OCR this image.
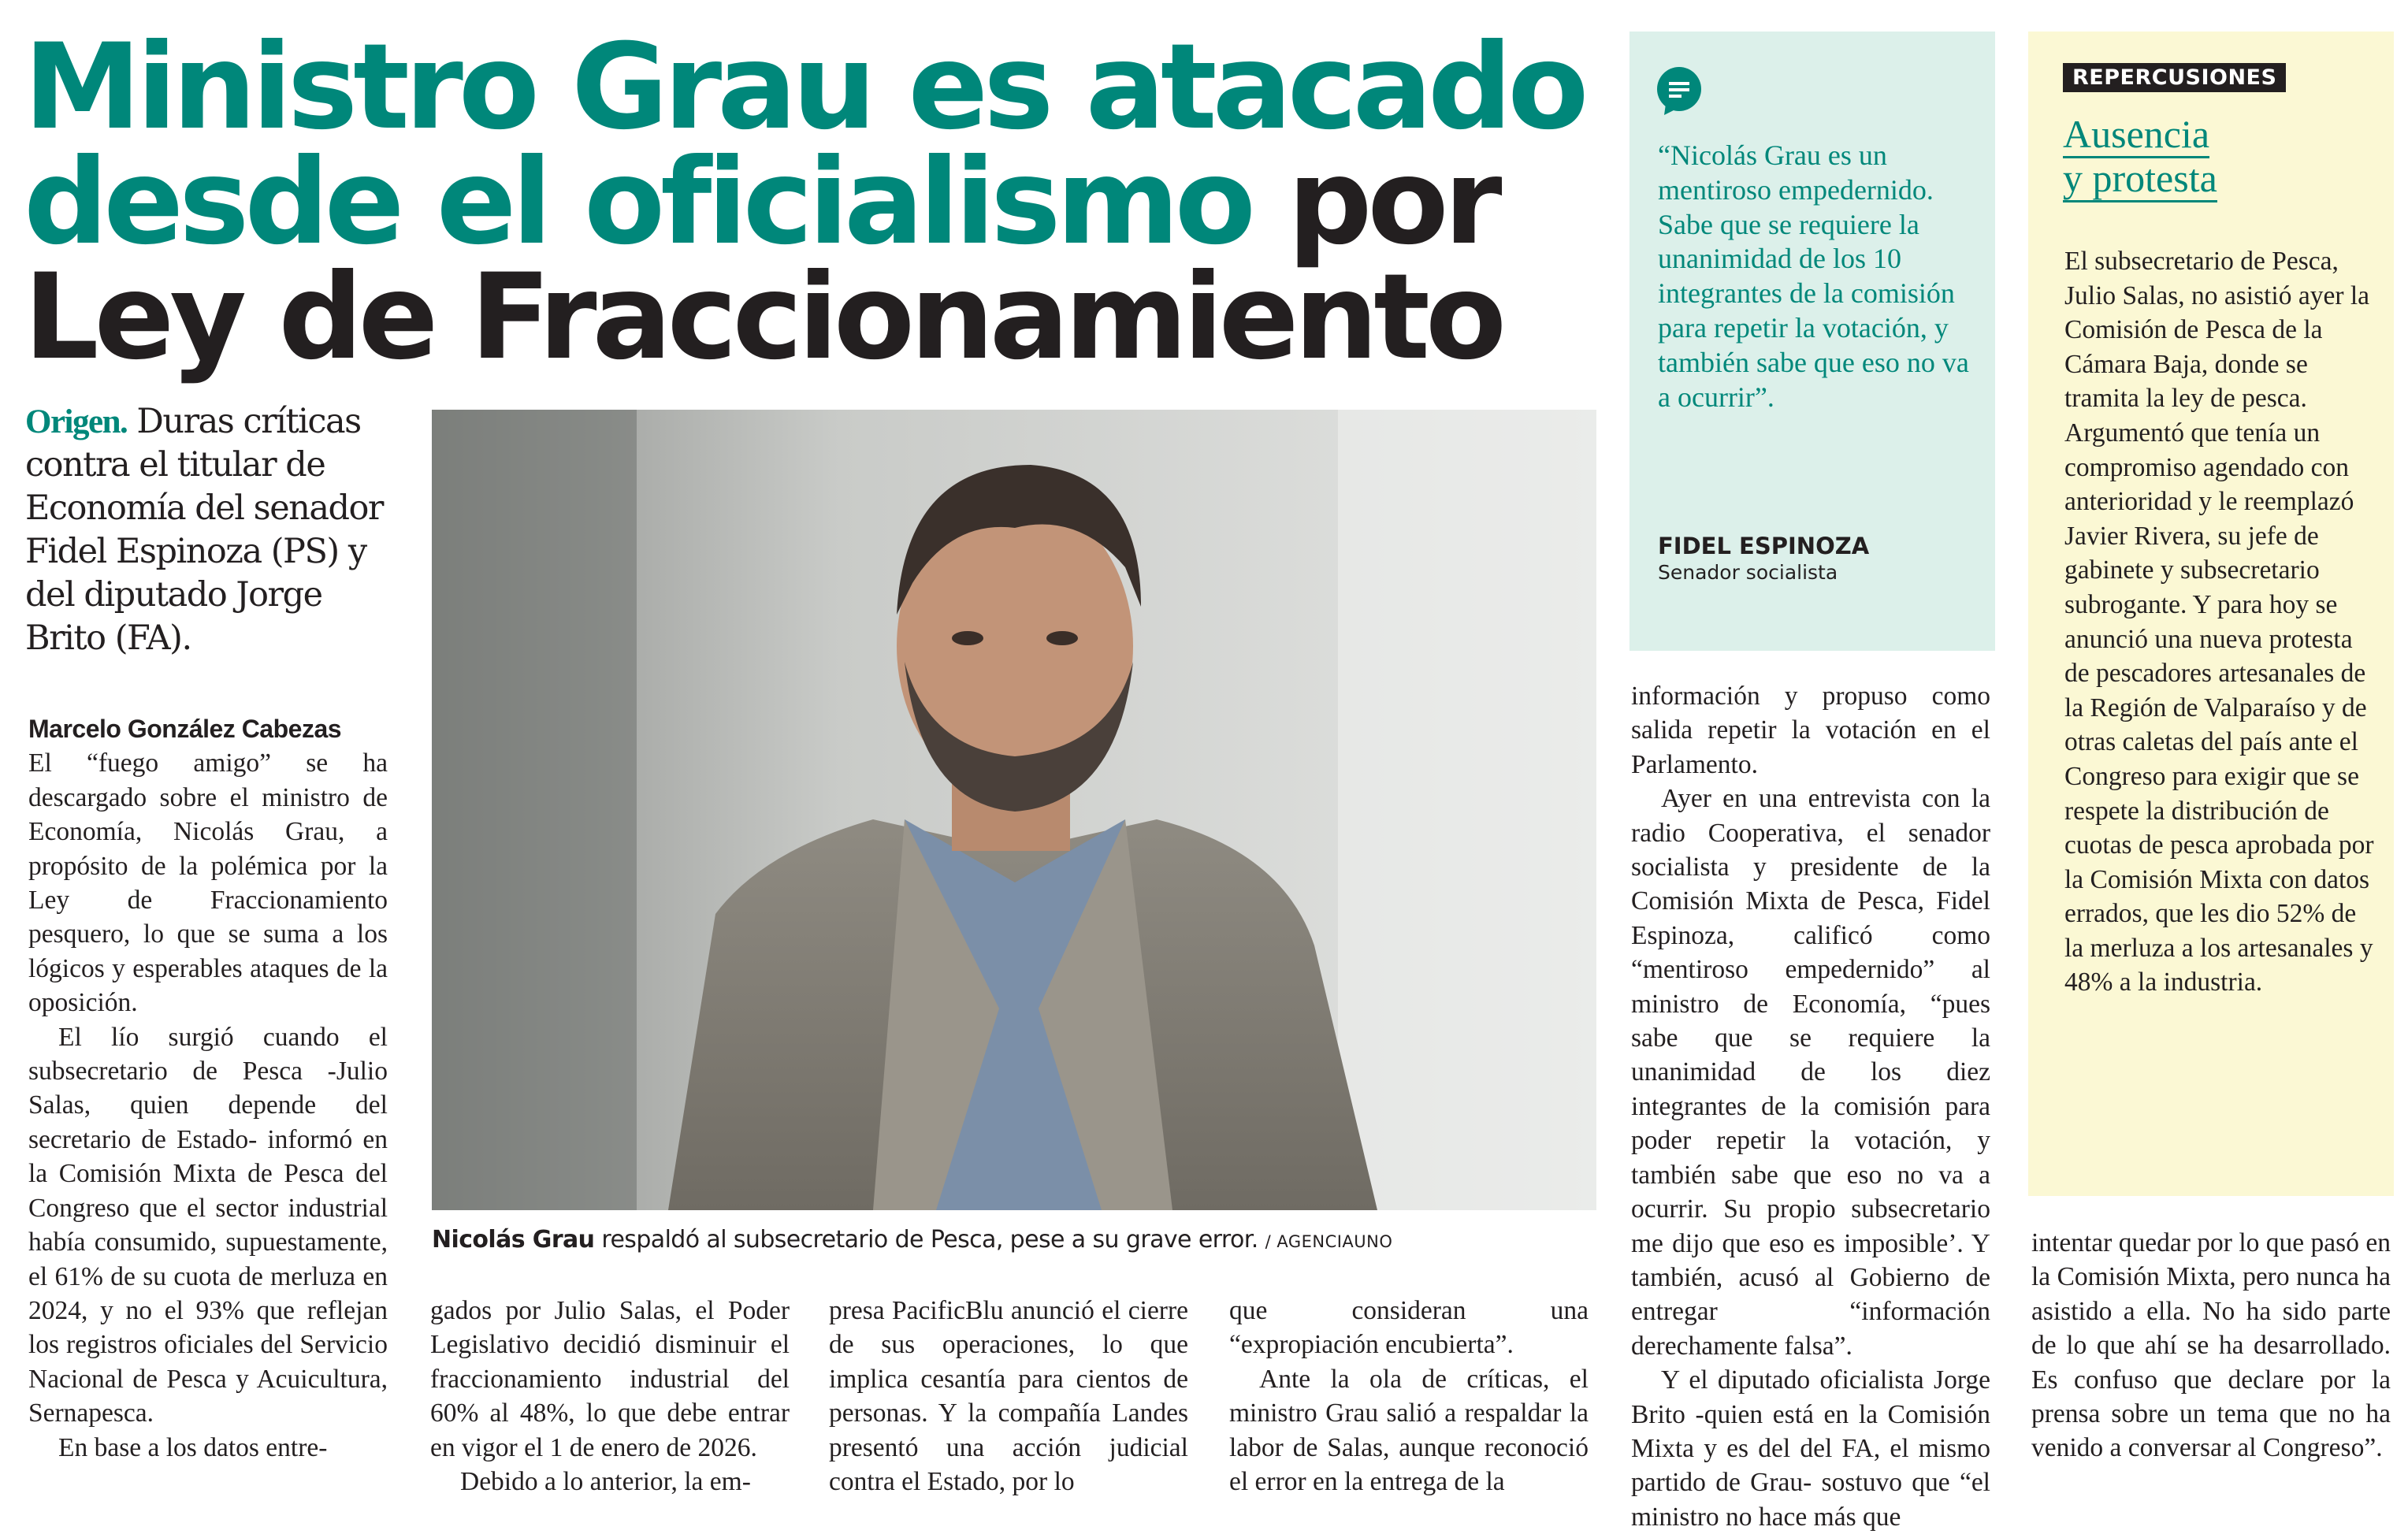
Ministro Grau es atacado
desde el oficialismo por
Ley de Fraccionamiento
Origen. Duras críticas contra el titular de Economía del senador Fidel Espinoza (PS) y del diputado Jorge Brito (FA).

Marcelo González Cabezas

El “fuego amigo” se ha descargado sobre el ministro de Economía, Nicolás Grau, a propósito de la polémica por la Ley de Fraccionamiento pesquero, lo que se suma a los lógicos y esperables ataques de la oposición.

El lío surgió cuando el subsecretario de Pesca -Julio Salas, quien depende del secretario de Estado- informó en la Comisión Mixta de Pesca del Congreso que el sector industrial había consumido, supuestamente, el 61% de su cuota de merluza en 2024, y no el 93% que reflejan los registros oficiales del Servicio Nacional de Pesca y Acuicultura, Sernapesca.

En base a los datos entre-

Nicolás Grau respaldó al subsecretario de Pesca, pese a su grave error. / AGENCIAUNO

gados por Julio Salas, el Poder Legislativo decidió disminuir el fraccionamiento industrial del 60% al 48%, lo que debe entrar en vigor el 1 de enero de 2026.

Debido a lo anterior, la em-

presa PacificBlu anunció el cierre de sus operaciones, lo que implica cesantía para cientos de personas. Y la compañía Landes presentó una acción judicial contra el Estado, por lo

que consideran una “expropiación encubierta”.

Ante la ola de críticas, el ministro Grau salió a respaldar la labor de Salas, aunque reconoció el error en la entrega de la

“Nicolás Grau es un mentiroso empedernido. Sabe que se requiere la unanimidad de los 10 integrantes de la comisión para repetir la votación, y también sabe que eso no va a ocurrir”.
FIDEL ESPINOZA
Senador socialista

información y propuso como salida repetir la votación en el Parlamento.

Ayer en una entrevista con la radio Cooperativa, el senador socialista y presidente de la Comisión Mixta de Pesca, Fidel Espinoza, calificó como “mentiroso empedernido” al ministro de Economía, “pues sabe que se requiere la unanimidad de los diez integrantes de la comisión para poder repetir la votación, y también sabe que eso no va a ocurrir. Su propio subsecretario me dijo que eso es imposible’. Y también, acusó al Gobierno de entregar “información derechamente falsa”.

Y el diputado oficialista Jorge Brito -quien está en la Comisión Mixta y es del del FA, el mismo partido de Grau- sostuvo que “el ministro no hace más que

REPERCUSIONES
Ausencia
y protesta
El subsecretario de Pesca, Julio Salas, no asistió ayer la Comisión de Pesca de la Cámara Baja, donde se tramita la ley de pesca. Argumentó que tenía un compromiso agendado con anterioridad y le reemplazó Javier Rivera, su jefe de gabinete y subsecretario subrogante. Y para hoy se anunció una nueva protesta de pescadores artesanales de la Región de Valparaíso y de otras caletas del país ante el Congreso para exigir que se respete la distribución de cuotas de pesca aprobada por la Comisión Mixta con datos errados, que les dio 52% de la merluza a los artesanales y 48% a la industria.

intentar quedar por lo que pasó en la Comisión Mixta, pero nunca ha asistido a ella. No ha sido parte de lo que ahí se ha desarrollado. Es confuso que declare por la prensa sobre un tema que no ha venido a conversar al Congreso”.
